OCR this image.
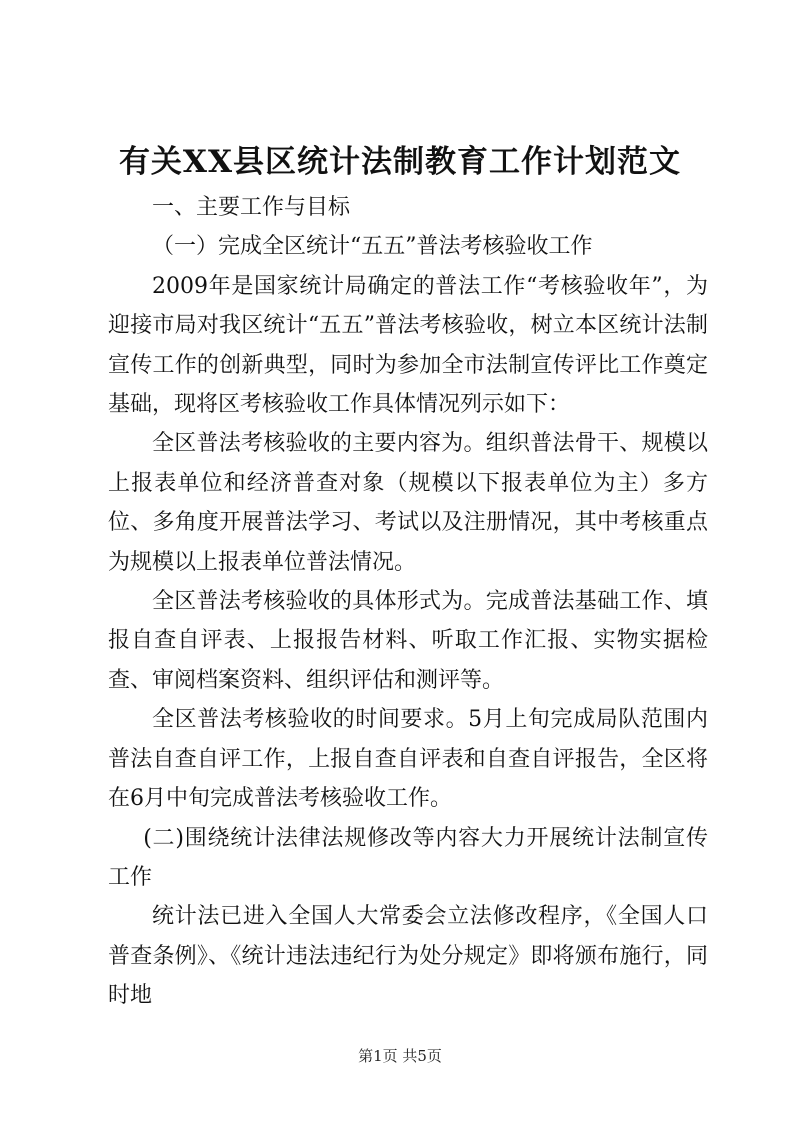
有关XX县区统计法制教育工作计划范文

一、主要工作与目标

（一）完成全区统计“五五”普法考核验收工作

2009年是国家统计局确定的普法工作“考核验收年”，为迎接市局对我区统计“五五”普法考核验收，树立本区统计法制宣传工作的创新典型，同时为参加全市法制宣传评比工作奠定基础，现将区考核验收工作具体情况列示如下：

全区普法考核验收的主要内容为。组织普法骨干、规模以上报表单位和经济普查对象（规模以下报表单位为主）多方位、多角度开展普法学习、考试以及注册情况，其中考核重点为规模以上报表单位普法情况。

全区普法考核验收的具体形式为。完成普法基础工作、填报自查自评表、上报报告材料、听取工作汇报、实物实据检查、审阅档案资料、组织评估和测评等。

全区普法考核验收的时间要求。5月上旬完成局队范围内普法自查自评工作，上报自查自评表和自查自评报告，全区将在6月中旬完成普法考核验收工作。

(二)围绕统计法律法规修改等内容大力开展统计法制宣传工作

统计法已进入全国人大常委会立法修改程序，《全国人口普查条例》、《统计违法违纪行为处分规定》即将颁布施行，同时地

第1页 共5页
